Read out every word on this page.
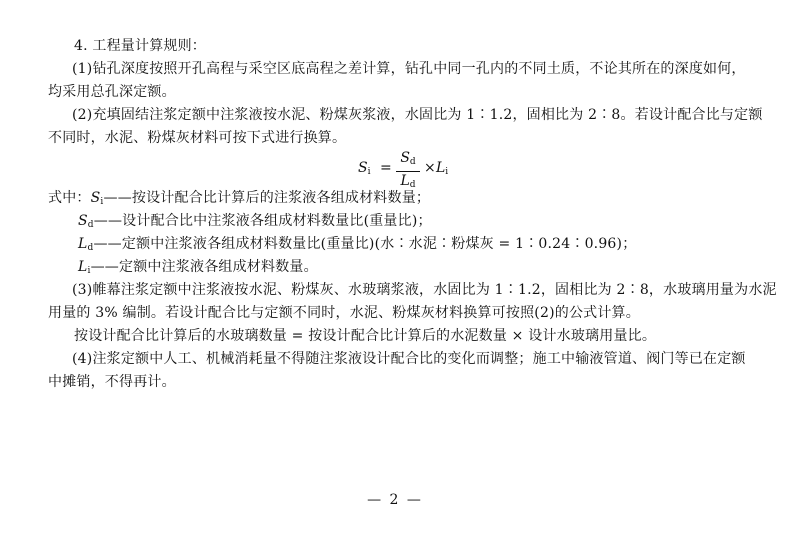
4. 工程量计算规则：
(1)钻孔深度按照开孔高程与采空区底高程之差计算，钻孔中同一孔内的不同土质，不论其所在的深度如何，
均采用总孔深定额。
(2)充填固结注浆定额中注浆液按水泥、粉煤灰浆液，水固比为 1∶1.2，固相比为 2∶8。若设计配合比与定额
不同时，水泥、粉煤灰材料可按下式进行换算。
$S_i$ =
$S_d$
$L_d$
× $L_i$
式中：$S_i——$按设计配合比计算后的注浆液各组成材料数量；
$S_d——$设计配合比中注浆液各组成材料数量比(重量比)；
$L_d——$定额中注浆液各组成材料数量比(重量比)(水∶水泥∶粉煤灰 = 1∶0.24∶0.96)；
$L_i——$定额中注浆液各组成材料数量。
(3)帷幕注浆定额中注浆液按水泥、粉煤灰、水玻璃浆液，水固比为 1∶1.2，固相比为 2∶8，水玻璃用量为水泥
用量的 3% 编制。若设计配合比与定额不同时，水泥、粉煤灰材料换算可按照(2)的公式计算。
按设计配合比计算后的水玻璃数量 = 按设计配合比计算后的水泥数量 × 设计水玻璃用量比。
(4)注浆定额中人工、机械消耗量不得随注浆液设计配合比的变化而调整；施工中输液管道、阀门等已在定额
中摊销，不得再计。
— 2 —
